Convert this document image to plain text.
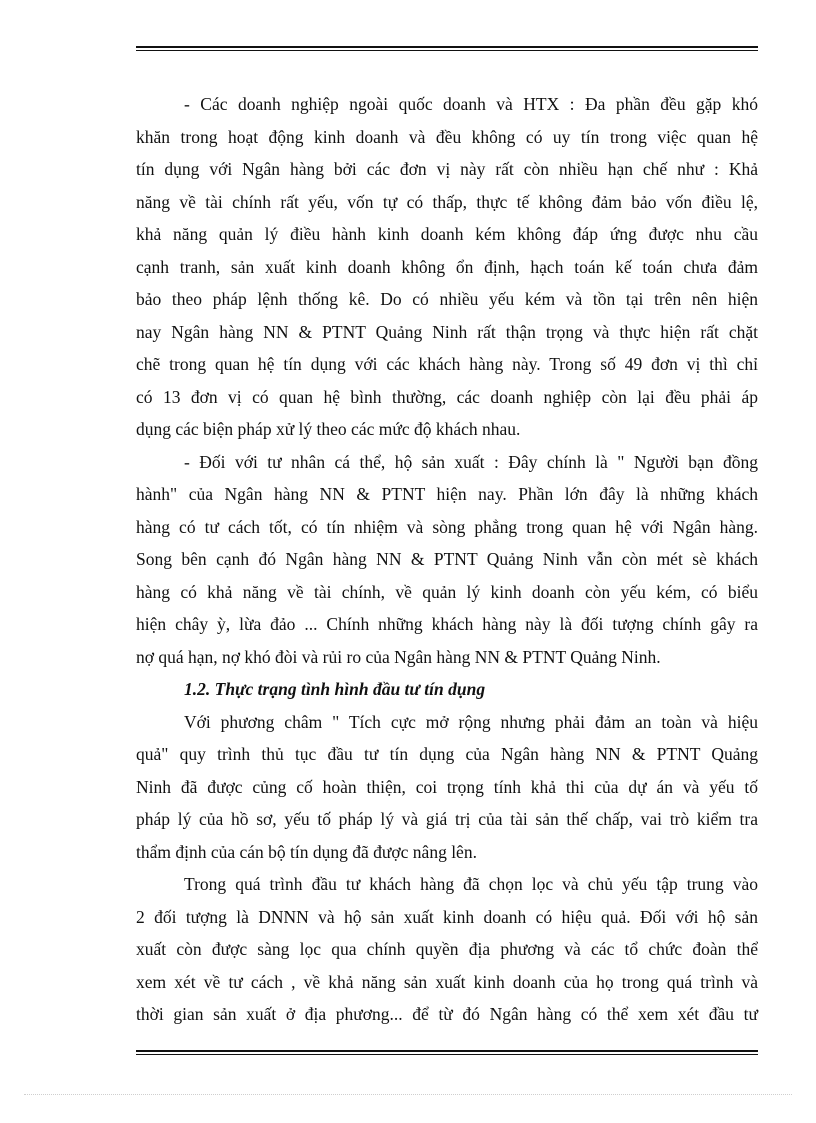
- Các doanh nghiệp ngoài quốc doanh và HTX : Đa phần đều gặp khó
khăn trong hoạt động kinh doanh và đều không có uy tín trong việc quan hệ
tín dụng với Ngân hàng bởi các đơn vị này rất còn nhiều hạn chế như : Khả
năng về tài chính rất yếu, vốn tự có thấp, thực tế không đảm bảo vốn điều lệ,
khả năng quản lý điều hành kinh doanh kém không đáp ứng được nhu cầu
cạnh tranh, sản xuất kinh doanh không ổn định, hạch toán kế toán chưa đảm
bảo theo pháp lệnh thống kê. Do có nhiều yếu kém và tồn tại trên nên hiện
nay Ngân hàng NN & PTNT Quảng Ninh rất thận trọng và thực hiện rất chặt
chẽ trong quan hệ tín dụng với các khách hàng này. Trong số 49 đơn vị thì chỉ
có 13 đơn vị có quan hệ bình thường, các doanh nghiệp còn lại đều phải áp
dụng các biện pháp xử lý theo các mức độ khách nhau.
- Đối với tư nhân cá thể, hộ sản xuất : Đây chính là " Người bạn đồng
hành" của Ngân hàng NN & PTNT hiện nay. Phần lớn đây là những khách
hàng có tư cách tốt, có tín nhiệm và sòng phẳng trong quan hệ với Ngân hàng.
Song bên cạnh đó Ngân hàng NN & PTNT Quảng Ninh vẫn còn mét sè khách
hàng có khả năng về tài chính, về quản lý kinh doanh còn yếu kém, có biểu
hiện chây ỳ, lừa đảo ... Chính những khách hàng này là đối tượng chính gây ra
nợ quá hạn, nợ khó đòi và rủi ro của Ngân hàng NN & PTNT Quảng Ninh.
1.2. Thực trạng tình hình đầu tư tín dụng
Với phương châm " Tích cực mở rộng nhưng phải đảm an toàn và hiệu
quả" quy trình thủ tục đầu tư tín dụng của Ngân hàng NN & PTNT Quảng
Ninh đã được củng cố hoàn thiện, coi trọng tính khả thi của dự án và yếu tố
pháp lý của hồ sơ, yếu tố pháp lý và giá trị của tài sản thế chấp, vai trò kiểm tra
thẩm định của cán bộ tín dụng đã được nâng lên.
Trong quá trình đầu tư khách hàng đã chọn lọc và chủ yếu tập trung vào
2 đối tượng là DNNN và hộ sản xuất kinh doanh có hiệu quả. Đối với hộ sản
xuất còn được sàng lọc qua chính quyền địa phương và các tổ chức đoàn thể
xem xét về tư cách , về khả năng sản xuất kinh doanh của họ trong quá trình và
thời gian sản xuất ở địa phương... để từ đó Ngân hàng có thể xem xét đầu tư
